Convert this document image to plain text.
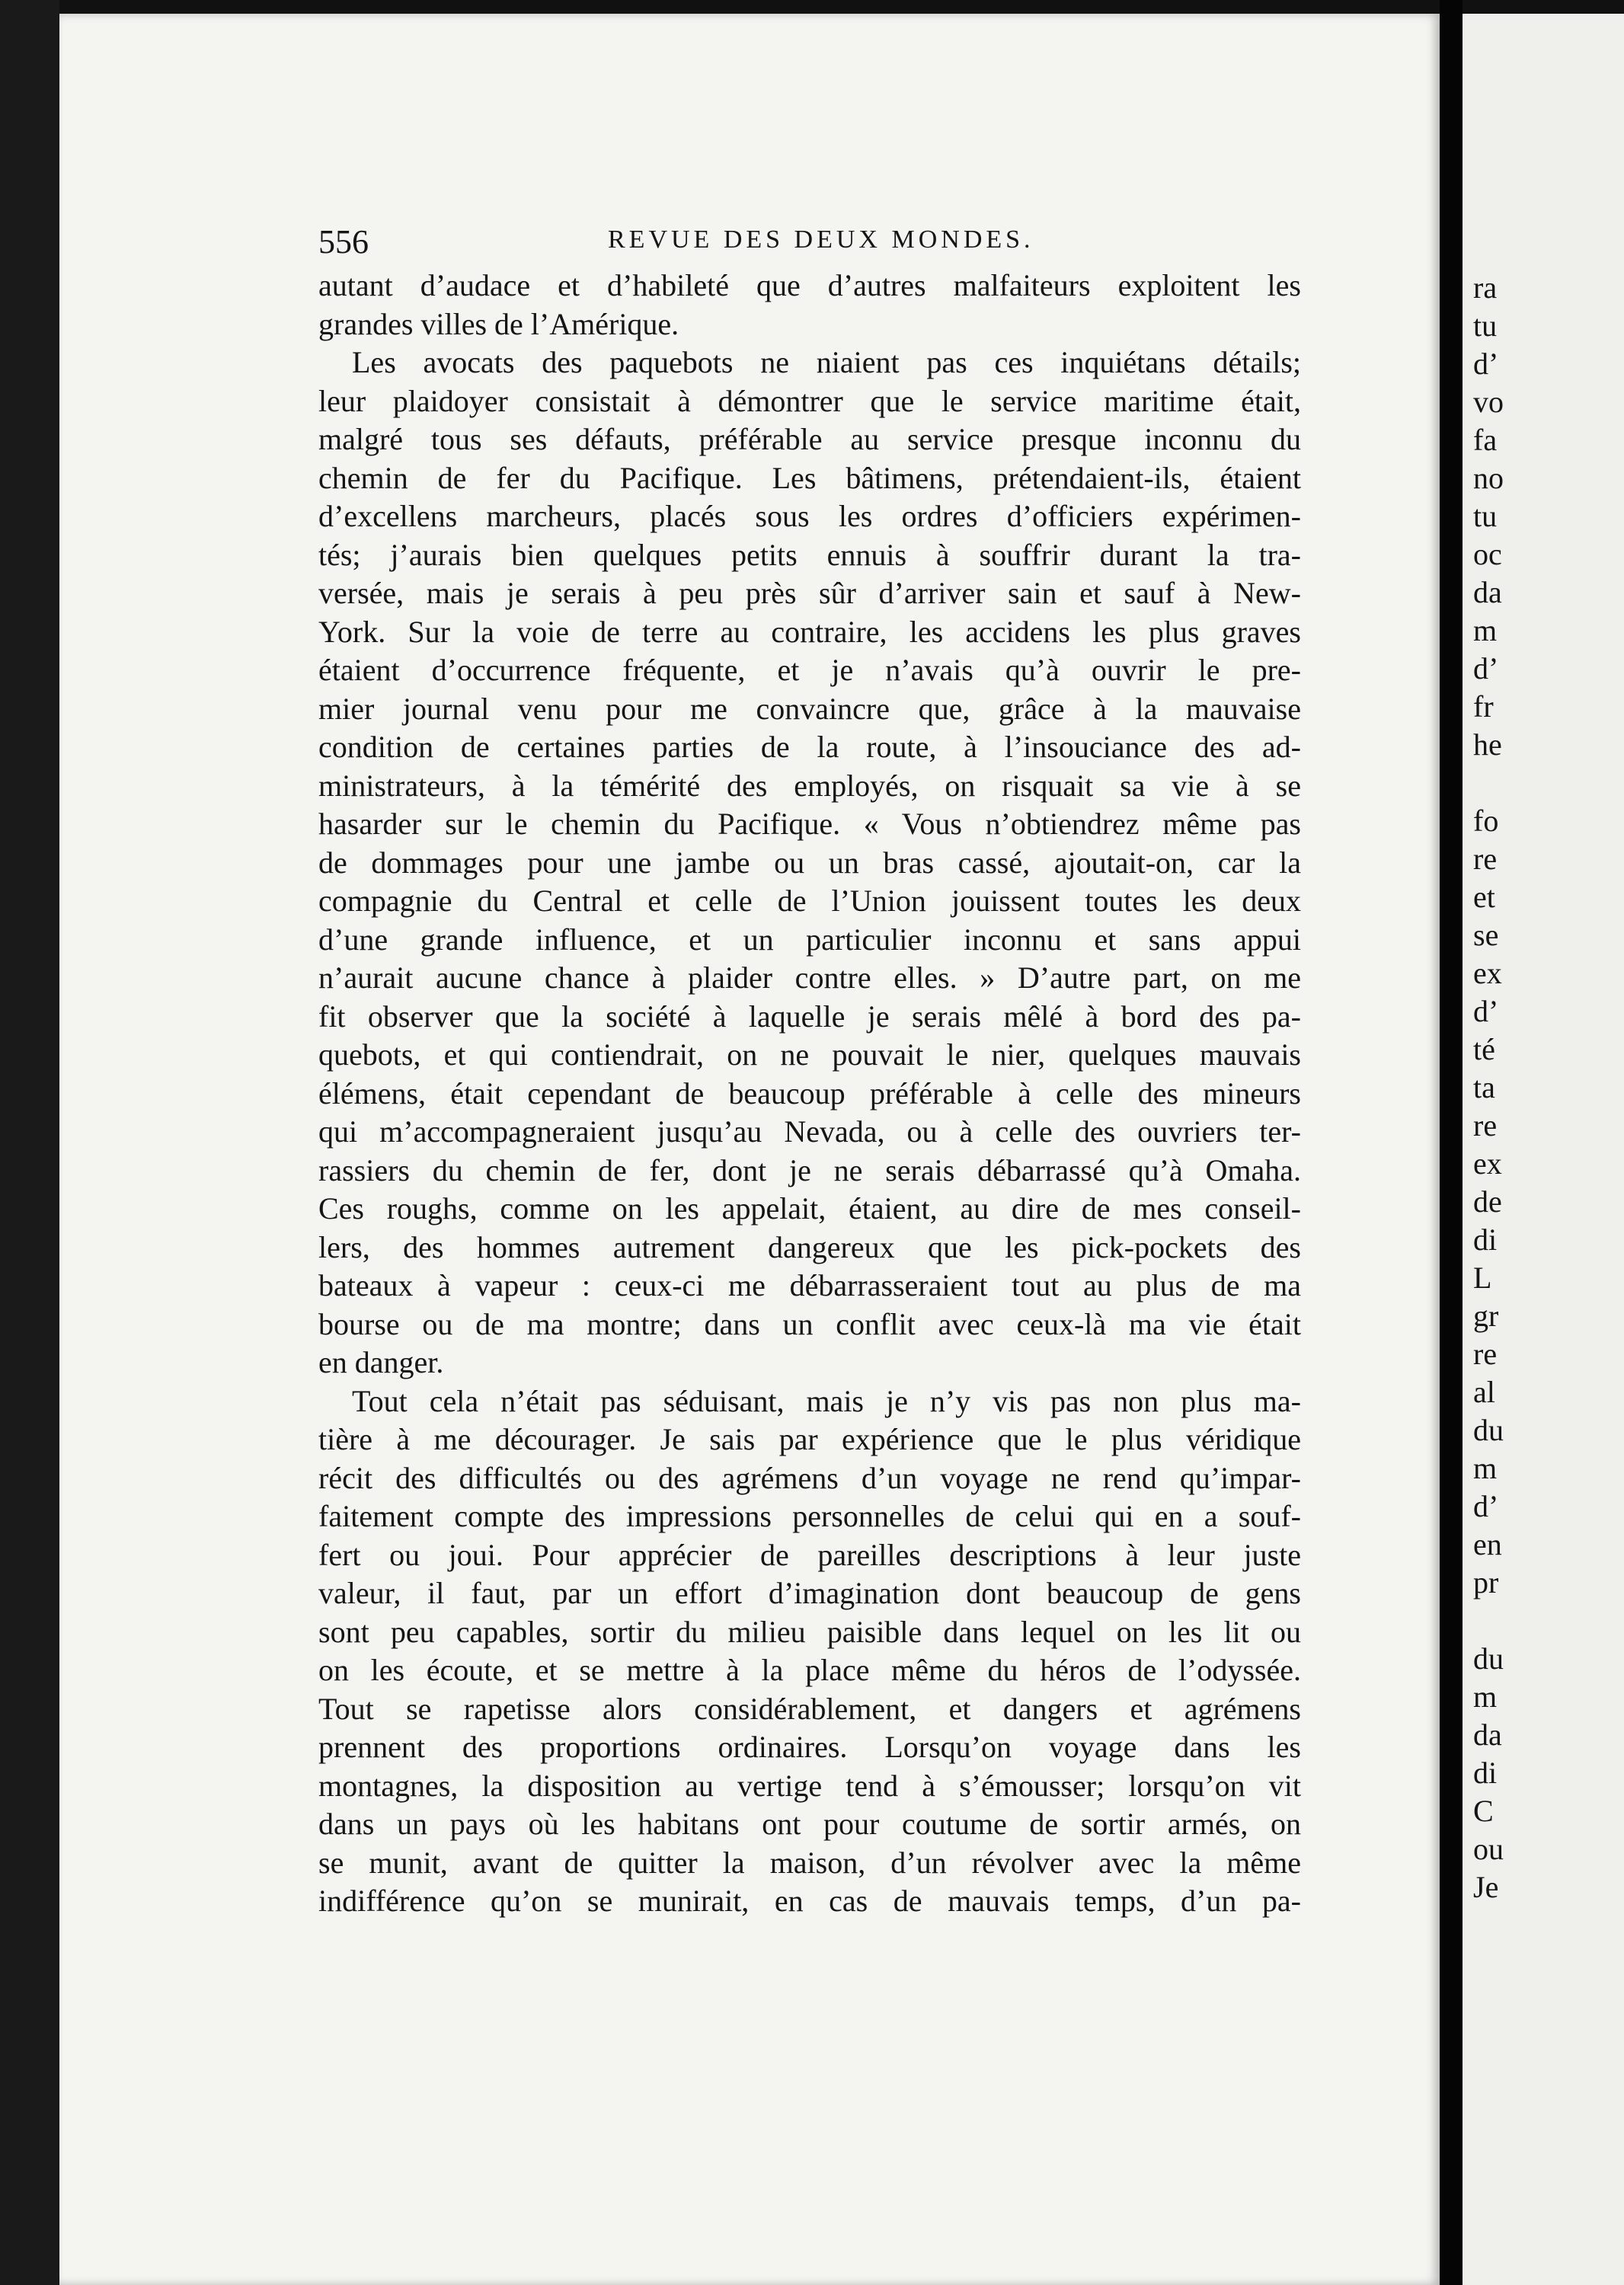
556	REVUE DES DEUX MONDES.
autant d’audace et d’habileté que d’autres malfaiteurs exploitent les
grandes villes de l’Amérique.
Les avocats des paquebots ne niaient pas ces inquiétans détails;
leur plaidoyer consistait à démontrer que le service maritime était,
malgré tous ses défauts, préférable au service presque inconnu du
chemin de fer du Pacifique. Les bâtimens, prétendaient-ils, étaient
d’excellens marcheurs, placés sous les ordres d’officiers expérimen-
tés; j’aurais bien quelques petits ennuis à souffrir durant la tra-
versée, mais je serais à peu près sûr d’arriver sain et sauf à New-
York. Sur la voie de terre au contraire, les accidens les plus graves
étaient d’occurrence fréquente, et je n’avais qu’à ouvrir le pre-
mier journal venu pour me convaincre que, grâce à la mauvaise
condition de certaines parties de la route, à l’insouciance des ad-
ministrateurs, à la témérité des employés, on risquait sa vie à se
hasarder sur le chemin du Pacifique. « Vous n’obtiendrez même pas
de dommages pour une jambe ou un bras cassé, ajoutait-on, car la
compagnie du Central et celle de l’Union jouissent toutes les deux
d’une grande influence, et un particulier inconnu et sans appui
n’aurait aucune chance à plaider contre elles. » D’autre part, on me
fit observer que la société à laquelle je serais mêlé à bord des pa-
quebots, et qui contiendrait, on ne pouvait le nier, quelques mauvais
élémens, était cependant de beaucoup préférable à celle des mineurs
qui m’accompagneraient jusqu’au Nevada, ou à celle des ouvriers ter-
rassiers du chemin de fer, dont je ne serais débarrassé qu’à Omaha.
Ces roughs, comme on les appelait, étaient, au dire de mes conseil-
lers, des hommes autrement dangereux que les pick-pockets des
bateaux à vapeur : ceux-ci me débarrasseraient tout au plus de ma
bourse ou de ma montre; dans un conflit avec ceux-là ma vie était
en danger.
Tout cela n’était pas séduisant, mais je n’y vis pas non plus ma-
tière à me décourager. Je sais par expérience que le plus véridique
récit des difficultés ou des agrémens d’un voyage ne rend qu’impar-
faitement compte des impressions personnelles de celui qui en a souf-
fert ou joui. Pour apprécier de pareilles descriptions à leur juste
valeur, il faut, par un effort d’imagination dont beaucoup de gens
sont peu capables, sortir du milieu paisible dans lequel on les lit ou
on les écoute, et se mettre à la place même du héros de l’odyssée.
Tout se rapetisse alors considérablement, et dangers et agrémens
prennent des proportions ordinaires. Lorsqu’on voyage dans les
montagnes, la disposition au vertige tend à s’émousser; lorsqu’on vit
dans un pays où les habitans ont pour coutume de sortir armés, on
se munit, avant de quitter la maison, d’un révolver avec la même
indifférence qu’on se munirait, en cas de mauvais temps, d’un pa-
ra
tu
d’
vo
fa
no
tu
oc
da
m
d’
fr
he
fo
re
et
se
ex
d’
té
ta
re
ex
de
di
L
gr
re
al
du
m
d’
en
pr
du
m
da
di
C
ou
Je
